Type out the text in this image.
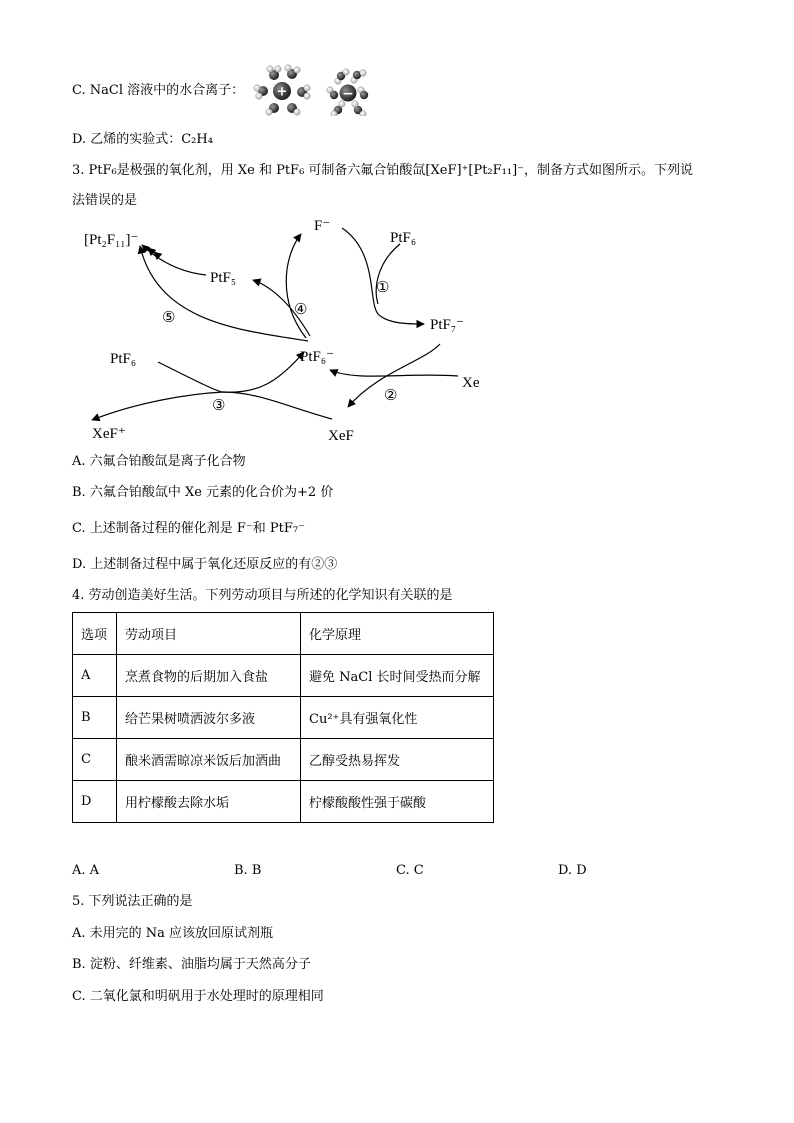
C. NaCl 溶液中的水合离子： +	−
D. 乙烯的实验式：C₂H₄
3. PtF₆是极强的氧化剂，用 Xe 和 PtF₆ 可制备六氟合铂酸氙[XeF]⁺[Pt₂F₁₁]⁻，制备方式如图所示。下列说
法错误的是
[Pt₂F₁₁]⁻
PtF₅
F⁻
PtF₆
PtF₇⁻
PtF₆	PtF₆⁻
Xe
XeF⁺	XeF
①
②
③
④
⑤
A. 六氟合铂酸氙是离子化合物
B. 六氟合铂酸氙中 Xe 元素的化合价为+2 价
C. 上述制备过程的催化剂是 F⁻和 PtF₇⁻
D. 上述制备过程中属于氧化还原反应的有②③
4. 劳动创造美好生活。下列劳动项目与所述的化学知识有关联的是
选项	劳动项目	化学原理
A	烹煮食物的后期加入食盐	避免 NaCl 长时间受热而分解
B	给芒果树喷洒波尔多液	Cu²⁺具有强氧化性
C	酿米酒需晾凉米饭后加酒曲	乙醇受热易挥发
D	用柠檬酸去除水垢	柠檬酸酸性强于碳酸
A. A	B. B	C. C	D. D
5. 下列说法正确的是
A. 未用完的 Na 应该放回原试剂瓶
B. 淀粉、纤维素、油脂均属于天然高分子
C. 二氧化氯和明矾用于水处理时的原理相同
